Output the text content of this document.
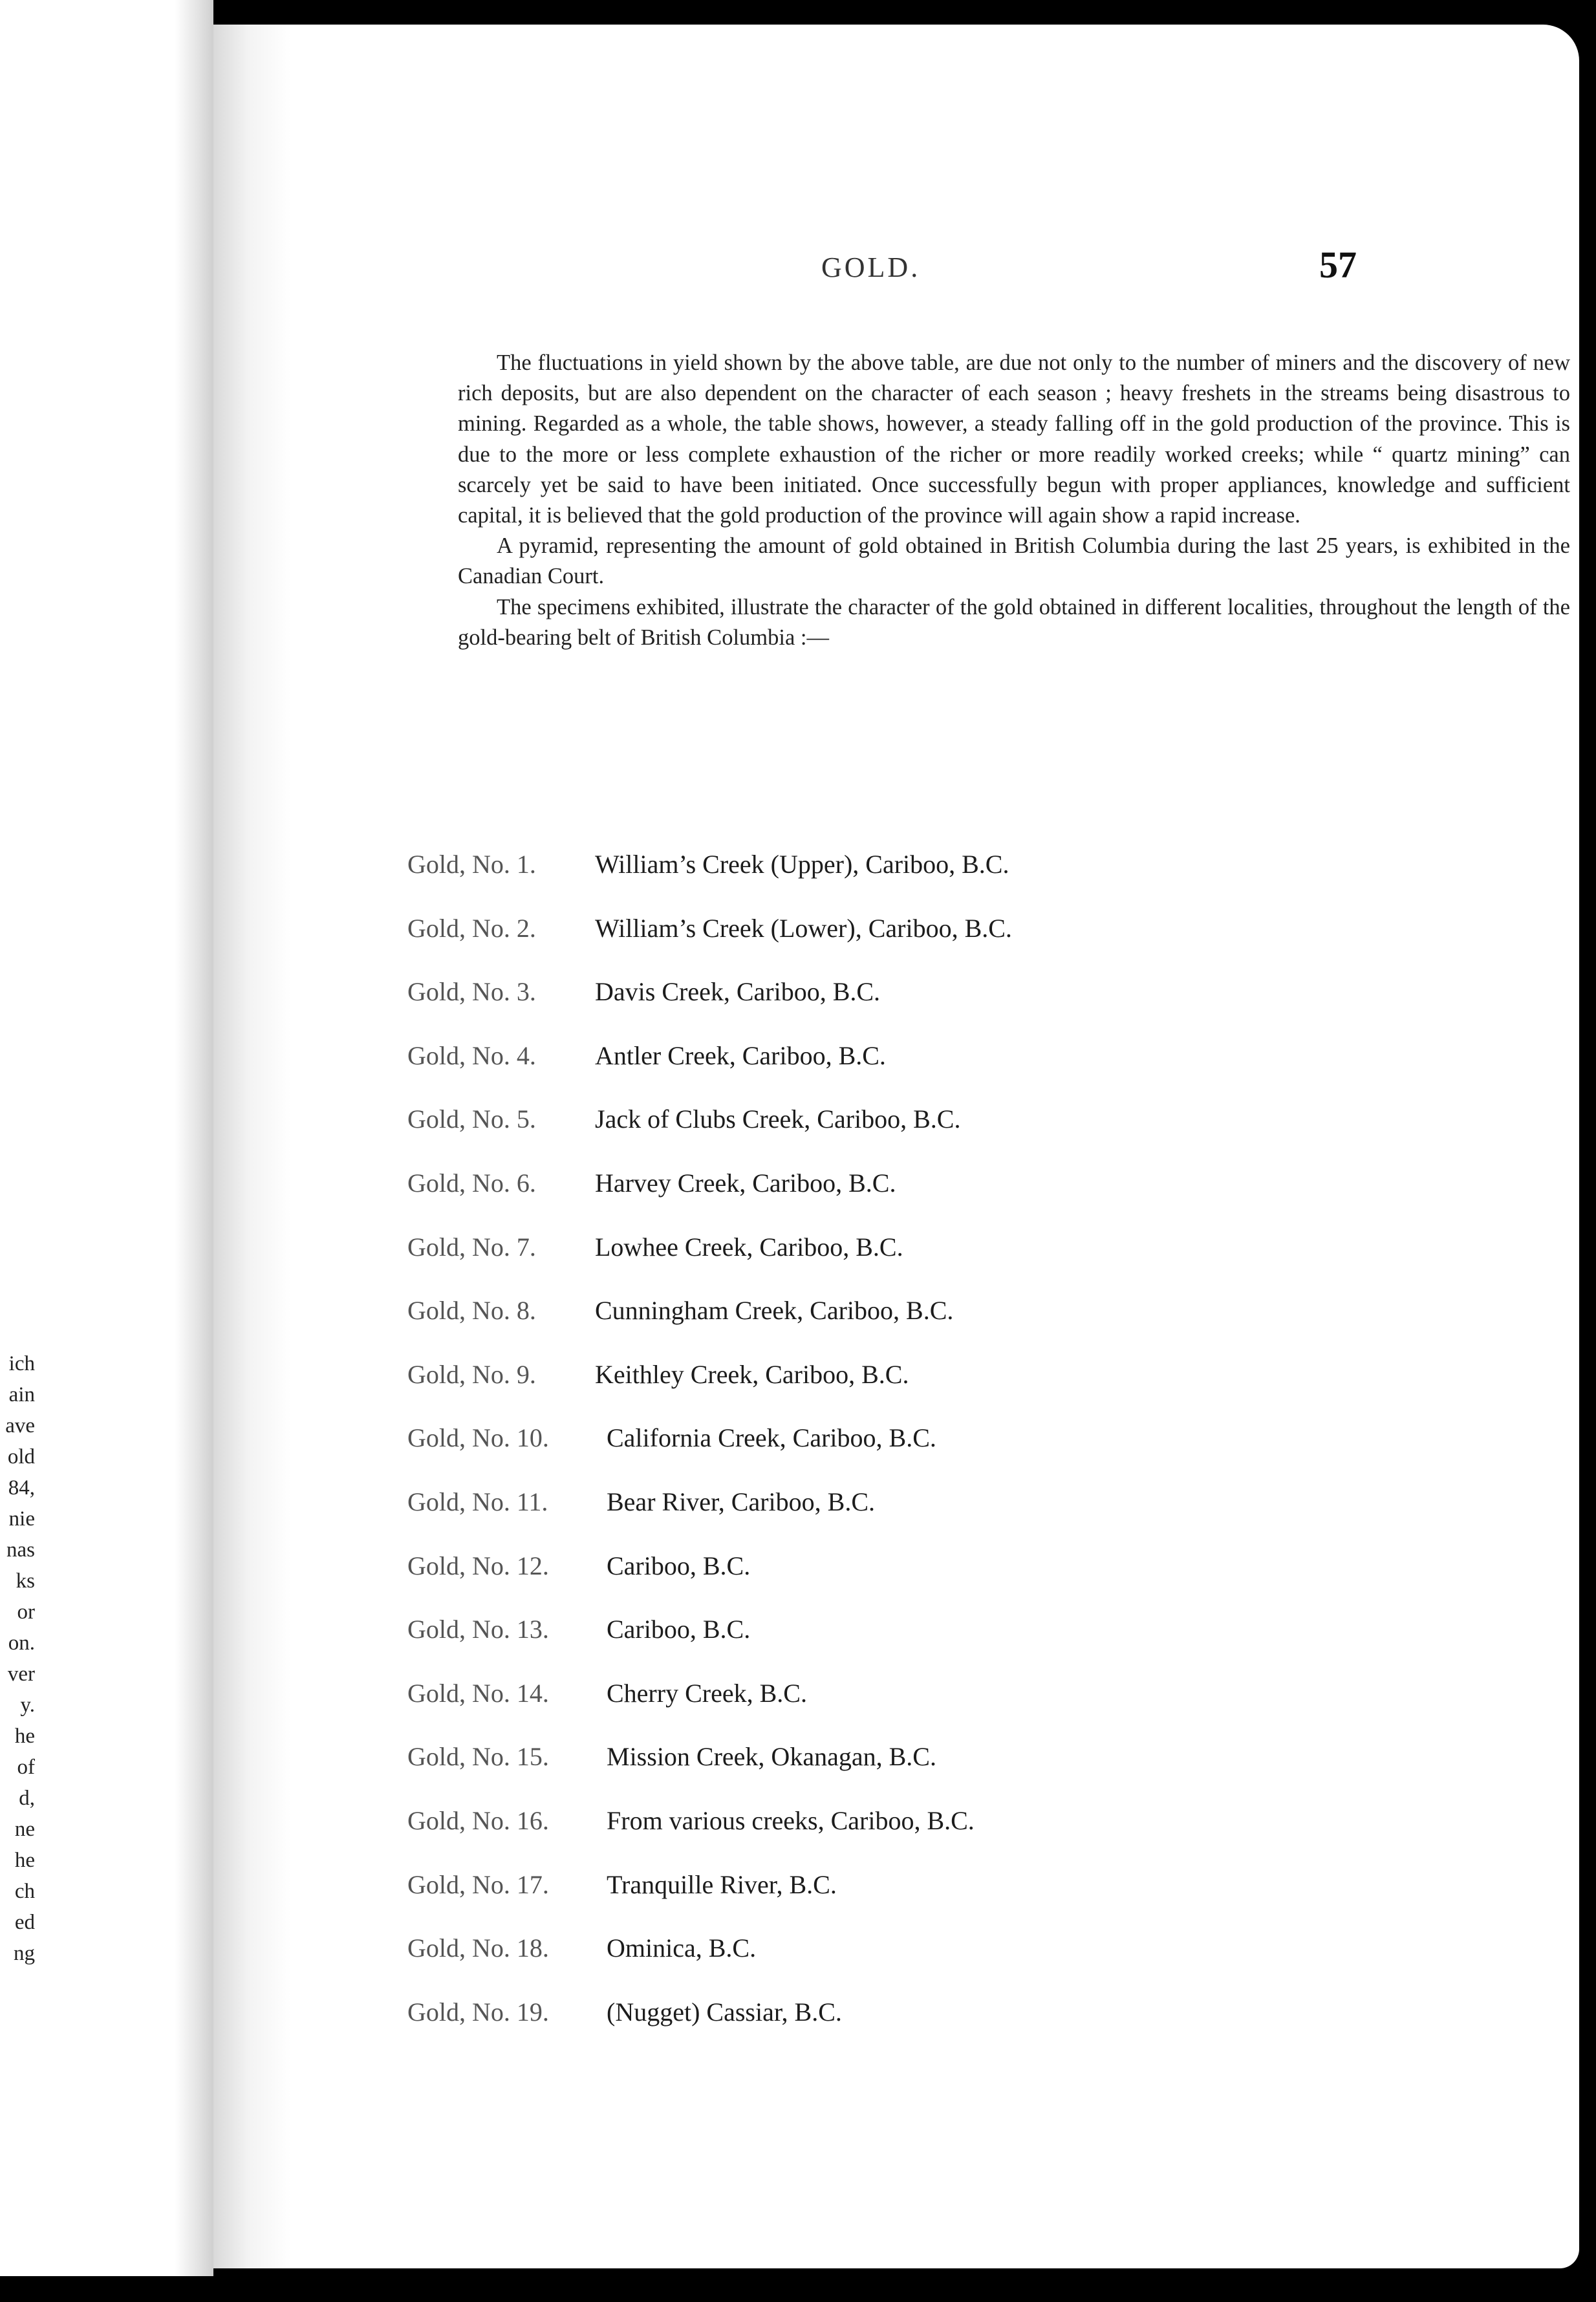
ich
ain
ave
old
84,
nie
nas
ks
or
on.
ver
y.
he
of
d,
ne
he
ch
ed
ng
GOLD.	57

The fluctuations in yield shown by the above table, are due not only to the number of miners and the discovery of new rich deposits, but are also dependent on the character of each season ; heavy freshets in the streams being disastrous to mining. Regarded as a whole, the table shows, however, a steady falling off in the gold production of the province. This is due to the more or less complete exhaustion of the richer or more readily worked creeks; while “ quartz mining” can scarcely yet be said to have been initiated. Once successfully begun with proper appliances, knowledge and sufficient capital, it is believed that the gold production of the province will again show a rapid increase.

A pyramid, representing the amount of gold obtained in British Columbia during the last 25 years, is exhibited in the Canadian Court.

The specimens exhibited, illustrate the character of the gold obtained in different localities, throughout the length of the gold-bearing belt of British Columbia :—

Gold, No. 1. William’s Creek (Upper), Cariboo, B.C.
Gold, No. 2. William’s Creek (Lower), Cariboo, B.C.
Gold, No. 3. Davis Creek, Cariboo, B.C.
Gold, No. 4. Antler Creek, Cariboo, B.C.
Gold, No. 5. Jack of Clubs Creek, Cariboo, B.C.
Gold, No. 6. Harvey Creek, Cariboo, B.C.
Gold, No. 7. Lowhee Creek, Cariboo, B.C.
Gold, No. 8. Cunningham Creek, Cariboo, B.C.
Gold, No. 9. Keithley Creek, Cariboo, B.C.
Gold, No. 10. California Creek, Cariboo, B.C.
Gold, No. 11. Bear River, Cariboo, B.C.
Gold, No. 12. Cariboo, B.C.
Gold, No. 13. Cariboo, B.C.
Gold, No. 14. Cherry Creek, B.C.
Gold, No. 15. Mission Creek, Okanagan, B.C.
Gold, No. 16. From various creeks, Cariboo, B.C.
Gold, No. 17. Tranquille River, B.C.
Gold, No. 18. Ominica, B.C.
Gold, No. 19. (Nugget) Cassiar, B.C.
